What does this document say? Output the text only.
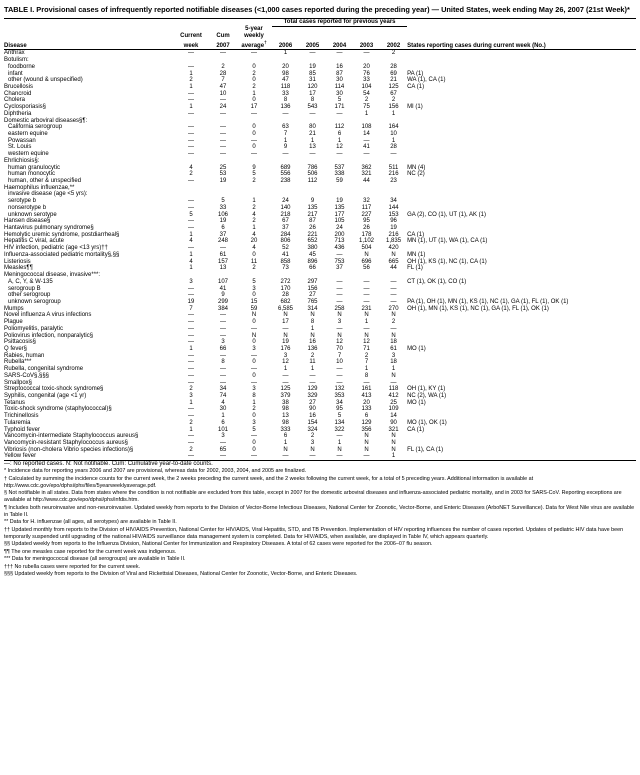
TABLE I. Provisional cases of infrequently reported notifiable diseases (<1,000 cases reported during the preceding year) — United States, week ending May 26, 2007 (21st Week)*
				Total cases reported for previous years					
	Current	Cum	5-year weekly						
Disease	week	2007	average†	2006	2005	2004	2003	2002	States reporting cases during current week (No.)
Anthrax	—	—	—	1	—	—	—	2	
Botulism:									
foodborne	—	2	0	20	19	16	20	28	
infant	1	28	2	98	85	87	76	69	PA (1)
other (wound & unspecified)	2	7	0	47	31	30	33	21	WA (1), CA (1)
Brucellosis	1	47	2	118	120	114	104	125	CA (1)
Chancroid	—	10	1	33	17	30	54	67	
Cholera	—	—	0	8	8	5	2	2	
Cyclosporiasis§	1	24	17	136	543	171	75	156	MI (1)
Diphtheria	—	—	—	—	—	—	1	1	
Domestic arboviral diseases§¶:									
California serogroup	—	—	0	63	80	112	108	164	
eastern equine	—	—	0	7	21	6	14	10	
Powassan	—	—	—	1	1	1	—	1	
St. Louis	—	—	0	9	13	12	41	28	
western equine	—	—	—	—	—	—	—	—	
Ehrlichiosis§:									
human granulocytic	4	25	9	689	786	537	362	511	MN (4)
human monocytic	2	53	5	556	506	338	321	216	NC (2)
human, other & unspecified	—	19	2	238	112	59	44	23	
Haemophilus influenzae,**									
invasive disease (age <5 yrs):									
serotype b	—	5	1	24	9	19	32	34	
nonserotype b	—	33	2	140	135	135	117	144	
unknown serotype	5	106	4	218	217	177	227	153	GA (2), CO (1), UT (1), AK (1)
Hansen disease§	—	19	2	67	87	105	95	96	
Hantavirus pulmonary syndrome§	—	6	1	37	26	24	26	19	
Hemolytic uremic syndrome, postdiarrheal§	1	37	4	284	221	200	178	216	CA (1)
Hepatitis C viral, acute	4	248	20	806	652	713	1,102	1,835	MN (1), UT (1), WA (1), CA (1)
HIV infection, pediatric (age <13 yrs)††	—	—	4	52	380	436	504	420	
Influenza-associated pediatric mortality§,§§	1	61	0	41	45	—	N	N	MN (1)
Listeriosis	4	157	11	858	896	753	696	665	OH (1), KS (1), NC (1), CA (1)
Measles¶¶	1	13	2	73	66	37	56	44	FL (1)
Meningococcal disease, invasive***:									
A, C, Y, & W-135	3	107	5	272	297	—	—	—	CT (1), OK (1), CO (1)
serogroup B	—	41	3	170	156	—	—	—	
other serogroup	—	9	0	28	27	—	—	—	
unknown serogroup	19	299	15	682	765	—	—	—	PA (1), OH (1), MN (1), KS (1), NC (1), GA (1), FL (1), OK (1)
Mumps	7	384	59	6,585	314	258	231	270	OH (1), MN (1), KS (1), NC (1), GA (1), FL (1), OK (1)
Novel influenza A virus infections	—	—	N	N	N	N	N	N	
Plague	—	—	0	17	8	3	1	2	
Poliomyelitis, paralytic	—	—	—	—	1	—	—	—	
Poliovirus infection, nonparalytic§	—	—	N	N	N	N	N	N	
Psittacosis§	—	3	0	19	16	12	12	18	
Q fever§	1	66	3	176	136	70	71	61	MO (1)
Rabies, human	—	—	—	3	2	7	2	3	
Rubella***	—	8	0	12	11	10	7	18	
Rubella, congenital syndrome	—	—	—	1	1	—	1	1	
SARS-CoV§,§§§	—	—	0	—	—	—	8	N	
Smallpox§	—	—	—	—	—	—	—	—	
Streptococcal toxic-shock syndrome§	2	34	3	125	129	132	161	118	OH (1), KY (1)
Syphilis, congenital (age <1 yr)	3	74	8	379	329	353	413	412	NC (2), WA (1)
Tetanus	1	4	1	38	27	34	20	25	MO (1)
Toxic-shock syndrome (staphylococcal)§	—	30	2	98	90	95	133	109	
Trichinellosis	—	1	0	13	16	5	6	14	
Tularemia	2	6	3	98	154	134	129	90	MO (1), OK (1)
Typhoid fever	1	101	5	333	324	322	356	321	CA (1)
Vancomycin-intermediate Staphylococcus aureus§	—	3	—	6	2	—	N	N	
Vancomycin-resistant Staphylococcus aureus§	—	—	0	1	3	1	N	N	
Vibriosis (non-cholera Vibrio species infections)§	2	65	0	N	N	N	N	N	FL (1), CA (1)
Yellow fever	—	—	—	—	—	—	—	1	
—: No reported cases. N: Not notifiable. Cum: Cumulative year-to-date counts.
* Incidence data for reporting years 2006 and 2007 are provisional, whereas data for 2002, 2003, 2004, and 2005 are finalized.
† Calculated by summing the incidence counts for the current week, the 2 weeks preceding the current week, and the 2 weeks following the current week, for a total of 5 preceding years. Additional information is available at http://www.cdc.gov/epo/dphsi/phs/files/5yearweeklyaverage.pdf.
§ Not notifiable in all states. Data from states where the condition is not notifiable are excluded from this table, except in 2007 for the domestic arboviral diseases and influenza-associated pediatric mortality, and in 2003 for SARS-CoV. Reporting exceptions are available at http://www.cdc.gov/epo/dphsi/phs/infdis.htm.
¶ Includes both neuroinvasive and non-neuroinvasive. Updated weekly from reports to the Division of Vector-Borne Infectious Diseases, National Center for Zoonotic, Vector-Borne, and Enteric Diseases (ArboNET Surveillance). Data for West Nile virus are available in Table II.
** Data for H. influenzae (all ages, all serotypes) are available in Table II.
†† Updated monthly from reports to the Division of HIV/AIDS Prevention, National Center for HIV/AIDS, Viral Hepatitis, STD, and TB Prevention. Implementation of HIV reporting influences the number of cases reported. Updates of pediatric HIV data have been temporarily suspended until upgrading of the national HIV/AIDS surveillance data management system is completed. Data for HIV/AIDS, when available, are displayed in Table IV, which appears quarterly.
§§ Updated weekly from reports to the Influenza Division, National Center for Immunization and Respiratory Diseases. A total of 62 cases were reported for the 2006–07 flu season.
¶¶ The one measles case reported for the current week was indigenous.
*** Data for meningococcal disease (all serogroups) are available in Table II.
††† No rubella cases were reported for the current week.
§§§ Updated weekly from reports to the Division of Viral and Rickettsial Diseases, National Center for Zoonotic, Vector-Borne, and Enteric Diseases.
